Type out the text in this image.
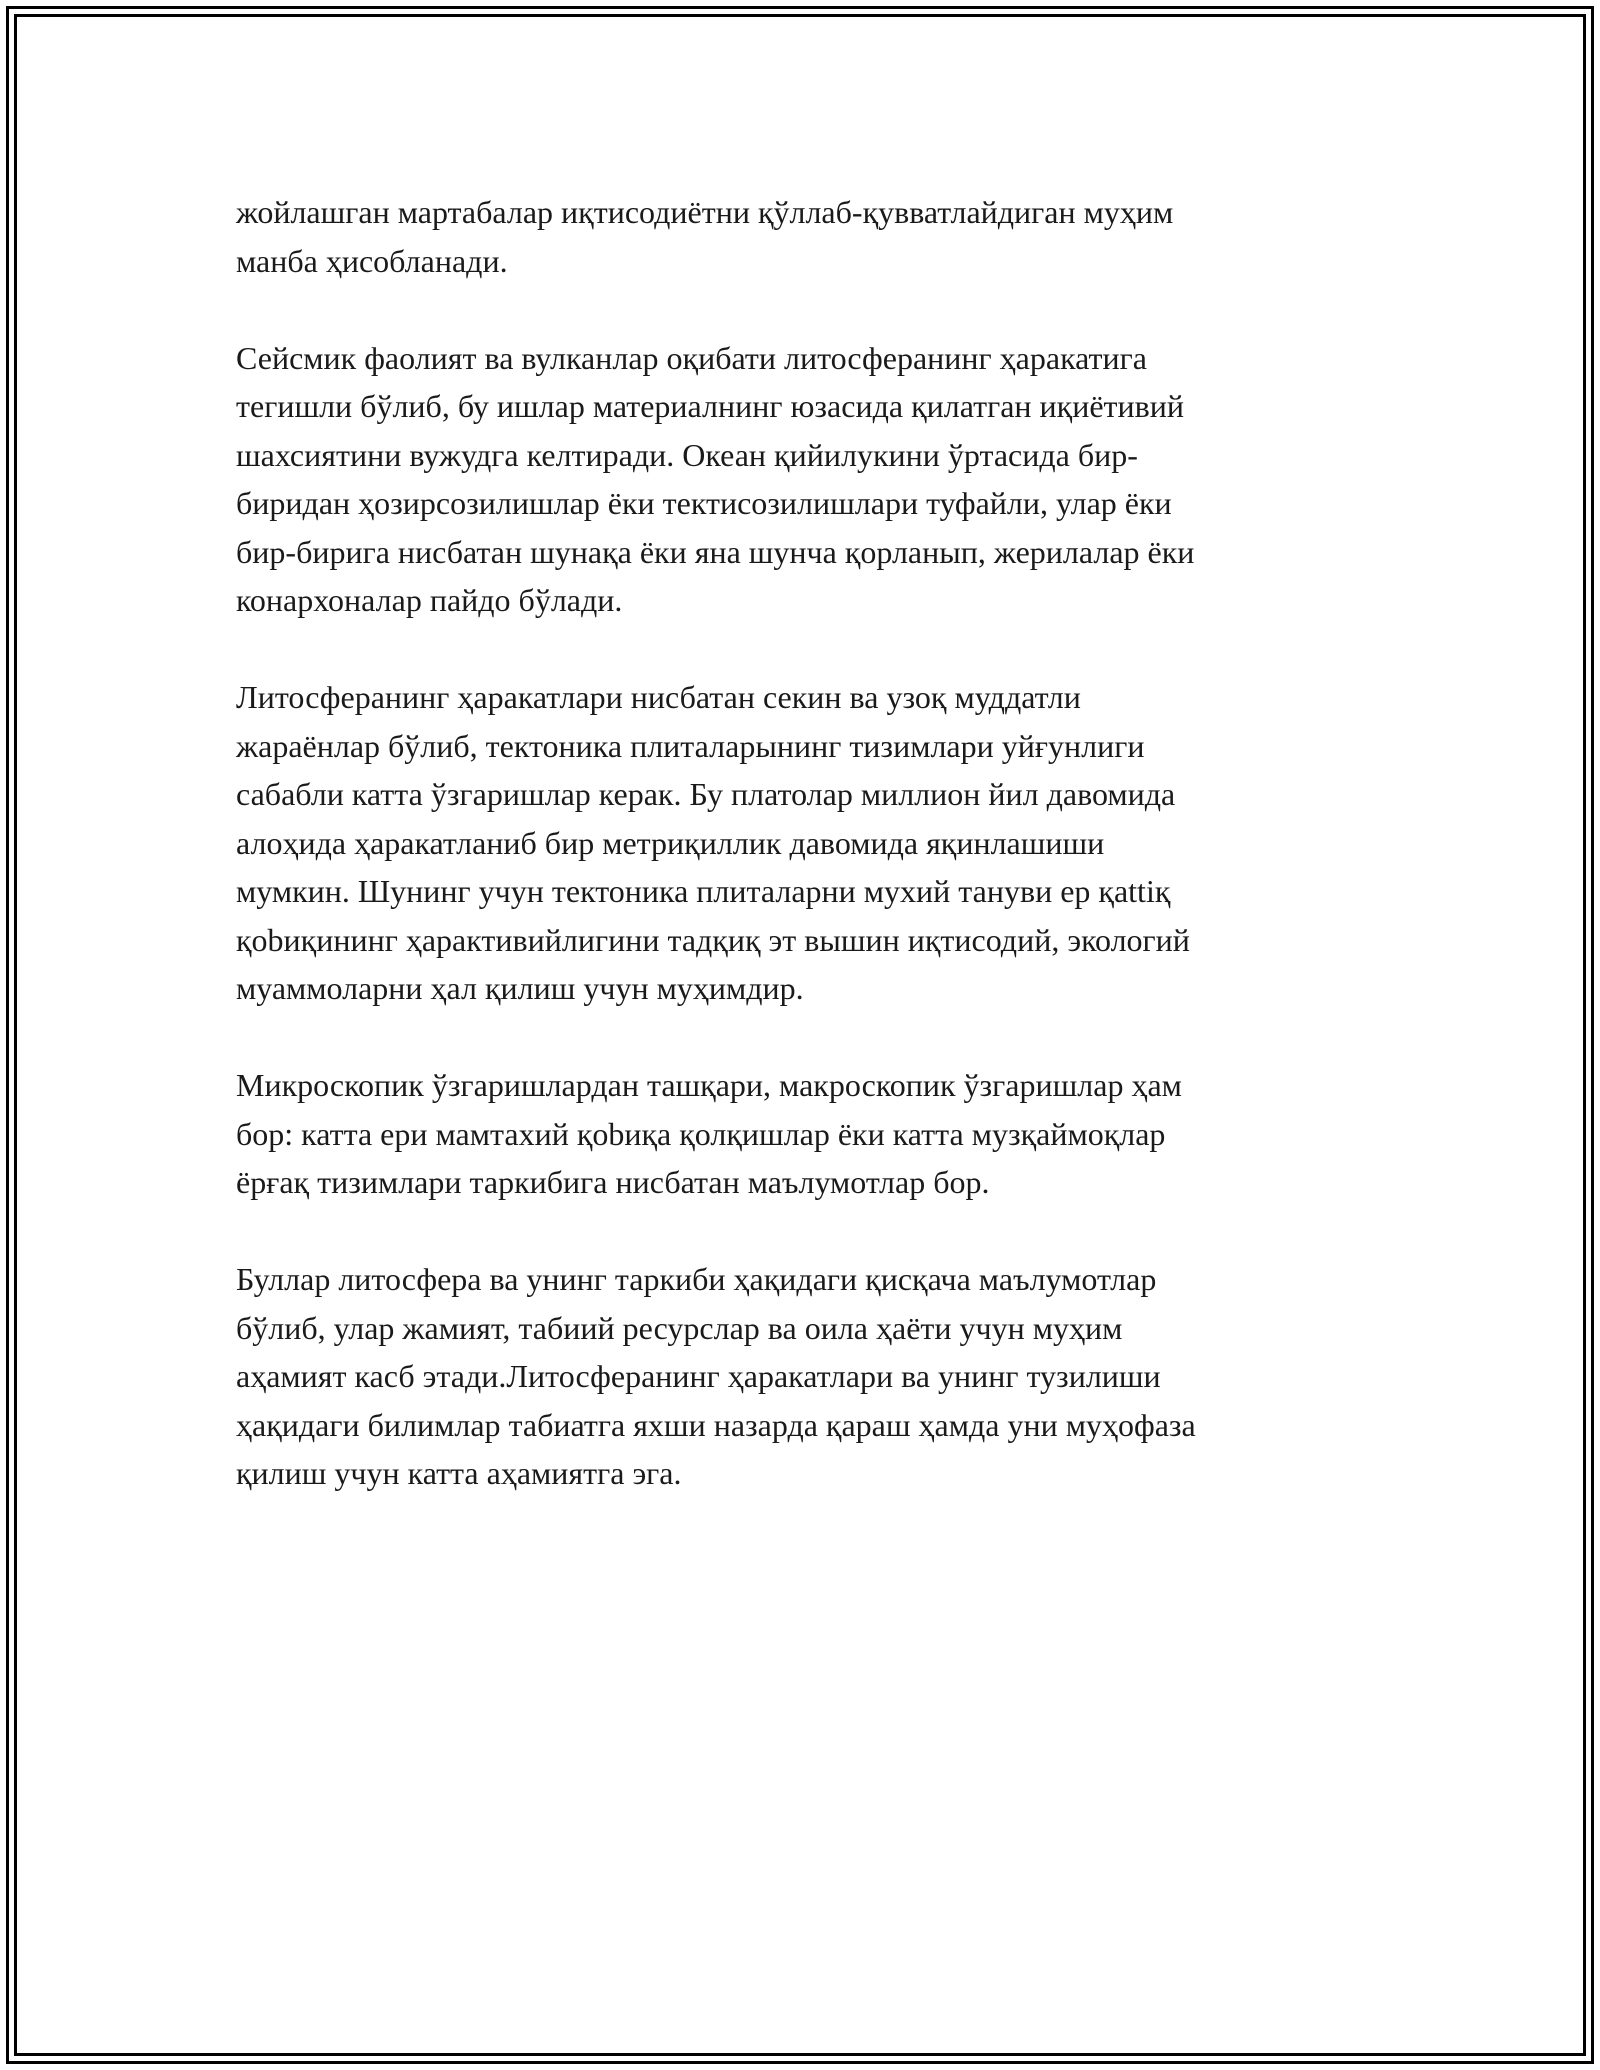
жойлашган мартабалар иқтисодиётни қўллаб-қувватлайдиган муҳим
манба ҳисобланади.

Сейсмик фаолият ва вулканлар оқибати литосферанинг ҳаракатига
тегишли бўлиб, бу ишлар материалнинг юзасида қилатган иқиётивий
шахсиятини вужудга келтиради. Океан қийилукини ўртасида бир-
биридан ҳозирсозилишлар ёки тектисозилишлари туфайли, улар ёки
бир-бирига нисбатан шунақа ёки яна шунча қорланып, жерилалар ёки
конархоналар пайдо бўлади.

Литосферанинг ҳаракатлари нисбатан секин ва узоқ муддатли
жараёнлар бўлиб, тектоника плиталарынинг тизимлари уйғунлиги
сабабли катта ўзгаришлар керак. Бу платолар миллион йил давомида
алоҳида ҳаракатланиб бир метриқиллик давомида яқинлашиши
мумкин. Шунинг учун тектоника плиталарни мухий тануви ер қаttiқ
қоbиқининг ҳарактивийлигини тадқиқ эт вышин иқтисодий, экологий
муаммоларни ҳал қилиш учун муҳимдир.

Микроскопик ўзгаришлардан ташқари, макроскопик ўзгаришлар ҳам
бор: катта ери мамтахий қоbиқа қолқишлар ёки катта музқаймоқлар
ёрғақ тизимлари таркибига нисбатан маълумотлар бор.

Буллар литосфера ва унинг таркиби ҳақидаги қисқача маълумотлар
бўлиб, улар жамият, табиий ресурслар ва оила ҳаёти учун муҳим
аҳамият касб этади.Литосферанинг ҳаракатлари ва унинг тузилиши
ҳақидаги билимлар табиатга яхши назарда қараш ҳамда уни муҳофаза
қилиш учун катта аҳамиятга эга.
